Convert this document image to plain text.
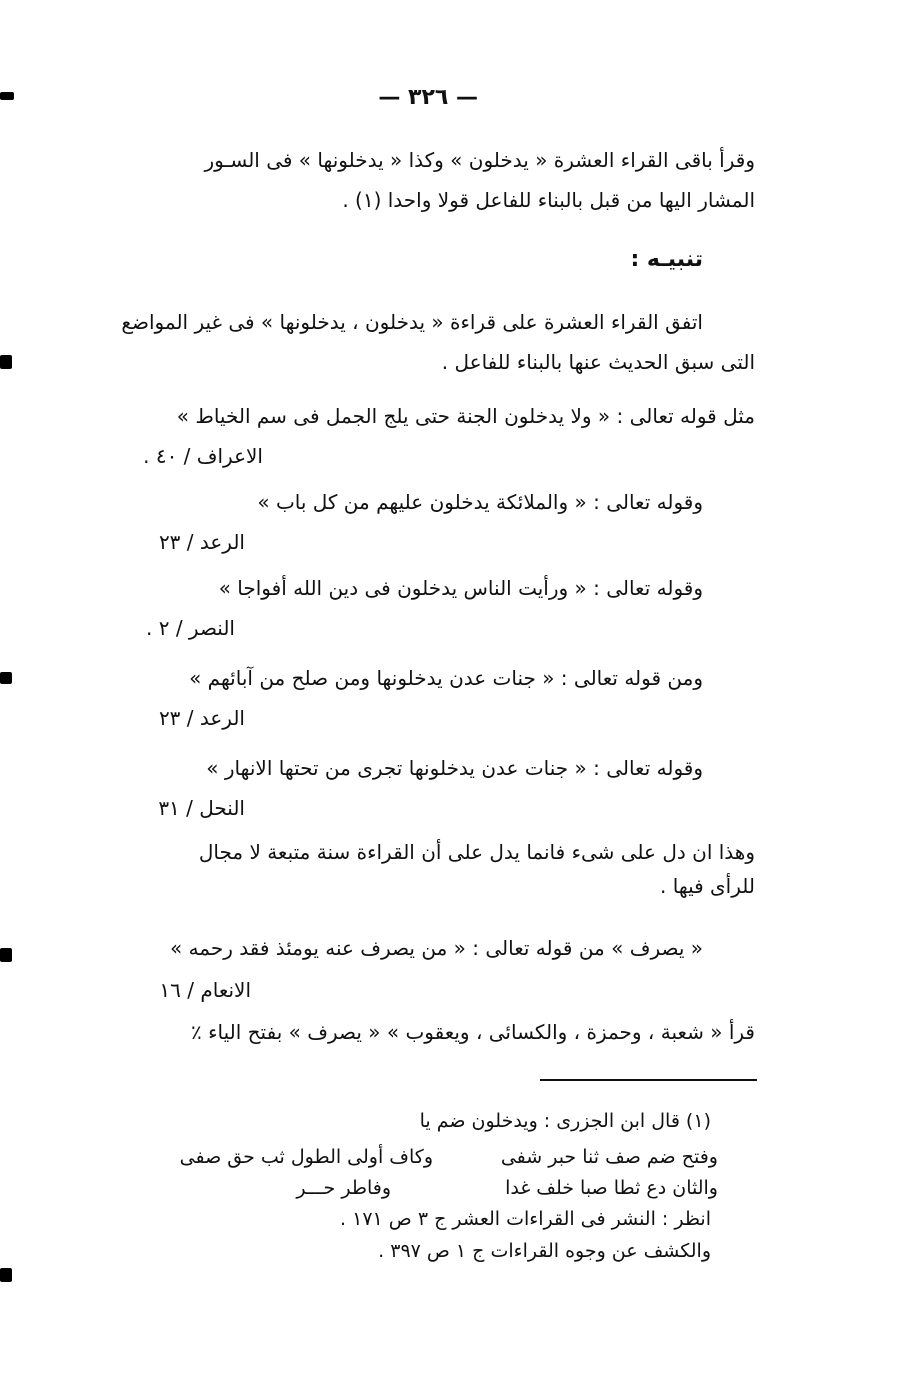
— ٣٢٦ —
وقرأ باقى القراء العشرة « يدخلون » وكذا « يدخلونها » فى السـور
المشار اليها من قبل بالبناء للفاعل قولا واحدا (١) .
تنبيـه :
اتفق القراء العشرة على قراءة « يدخلون ، يدخلونها » فى غير المواضع
التى سبق الحديث عنها بالبناء للفاعل .
مثل قوله تعالى : « ولا يدخلون الجنة حتى يلج الجمل فى سم الخياط »
الاعراف / ٤٠ .
وقوله تعالى : « والملائكة يدخلون عليهم من كل باب »
الرعد / ٢٣
وقوله تعالى : « ورأيت الناس يدخلون فى دين الله أفواجا »
النصر / ٢ .
ومن قوله تعالى : « جنات عدن يدخلونها ومن صلح من آبائهم »
الرعد / ٢٣
وقوله تعالى : « جنات عدن يدخلونها تجرى من تحتها الانهار »
النحل / ٣١
وهذا ان دل على شىء فانما يدل على أن القراءة سنة متبعة لا مجال
للرأى فيها .
« يصرف » من قوله تعالى : « من يصرف عنه يومئذ فقد رحمه »
الانعام / ١٦
قرأ « شعبة ، وحمزة ، والكسائى ، ويعقوب » « يصرف » بفتح الياء ٪
(١) قال ابن الجزرى : ويدخلون ضم يا
وفتح ضم صف ثنا حبر شفى
وكاف أولى الطول ثب حق صفى
والثان دع ثطا صبا خلف غدا
وفاطر حـــر
انظر : النشر فى القراءات العشر ج ٣ ص ١٧١ .
والكشف عن وجوه القراءات ج ١ ص ٣٩٧ .
